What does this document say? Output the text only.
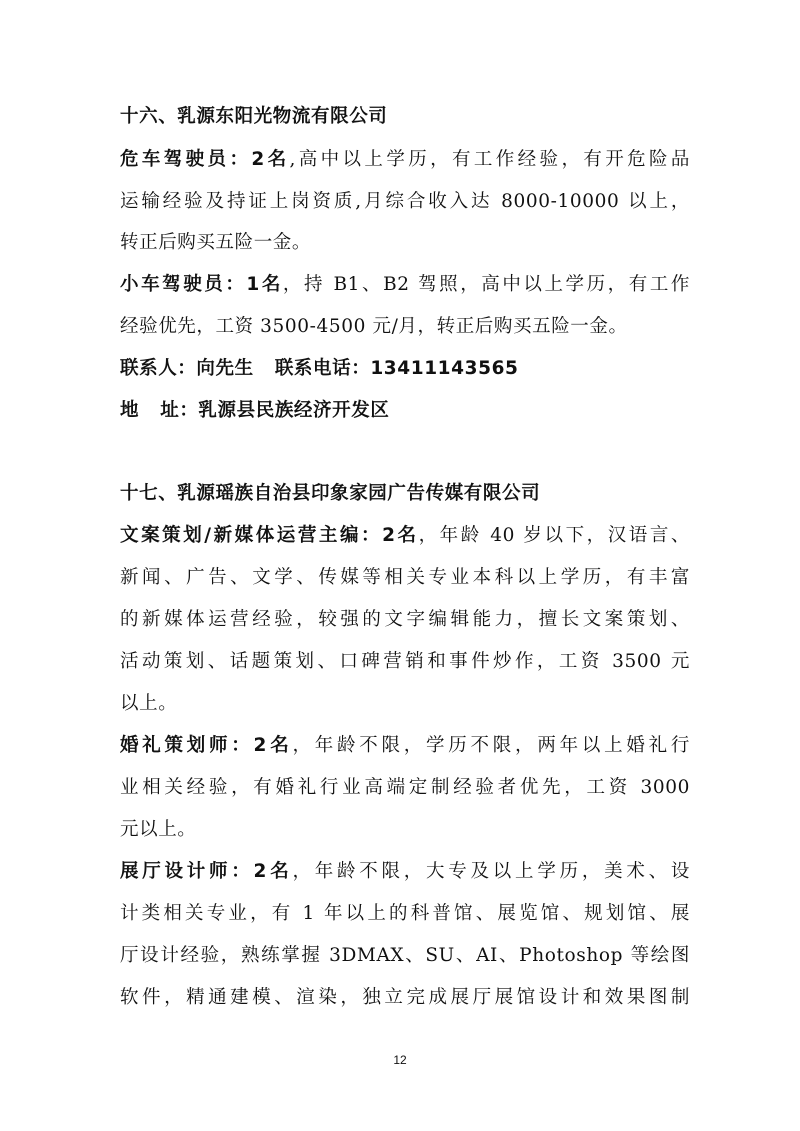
十六、乳源东阳光物流有限公司
危车驾驶员：2名,高中以上学历，有工作经验，有开危险品
运输经验及持证上岗资质,月综合收入达 8000-10000 以上，
转正后购买五险一金。
小车驾驶员：1名，持 B1、B2 驾照，高中以上学历，有工作
经验优先，工资 3500-4500 元/月，转正后购买五险一金。
联系人：向先生   联系电话：13411143565
地   址：乳源县民族经济开发区
十七、乳源瑶族自治县印象家园广告传媒有限公司
文案策划/新媒体运营主编：2名，年龄 40 岁以下，汉语言、
新闻、广告、文学、传媒等相关专业本科以上学历，有丰富
的新媒体运营经验，较强的文字编辑能力，擅长文案策划、
活动策划、话题策划、口碑营销和事件炒作，工资 3500 元
以上。
婚礼策划师：2名，年龄不限，学历不限，两年以上婚礼行
业相关经验，有婚礼行业高端定制经验者优先，工资 3000
元以上。
展厅设计师：2名，年龄不限，大专及以上学历，美术、设
计类相关专业，有 1 年以上的科普馆、展览馆、规划馆、展
厅设计经验，熟练掌握 3DMAX、SU、AI、Photoshop 等绘图
软件，精通建模、渲染，独立完成展厅展馆设计和效果图制
12
